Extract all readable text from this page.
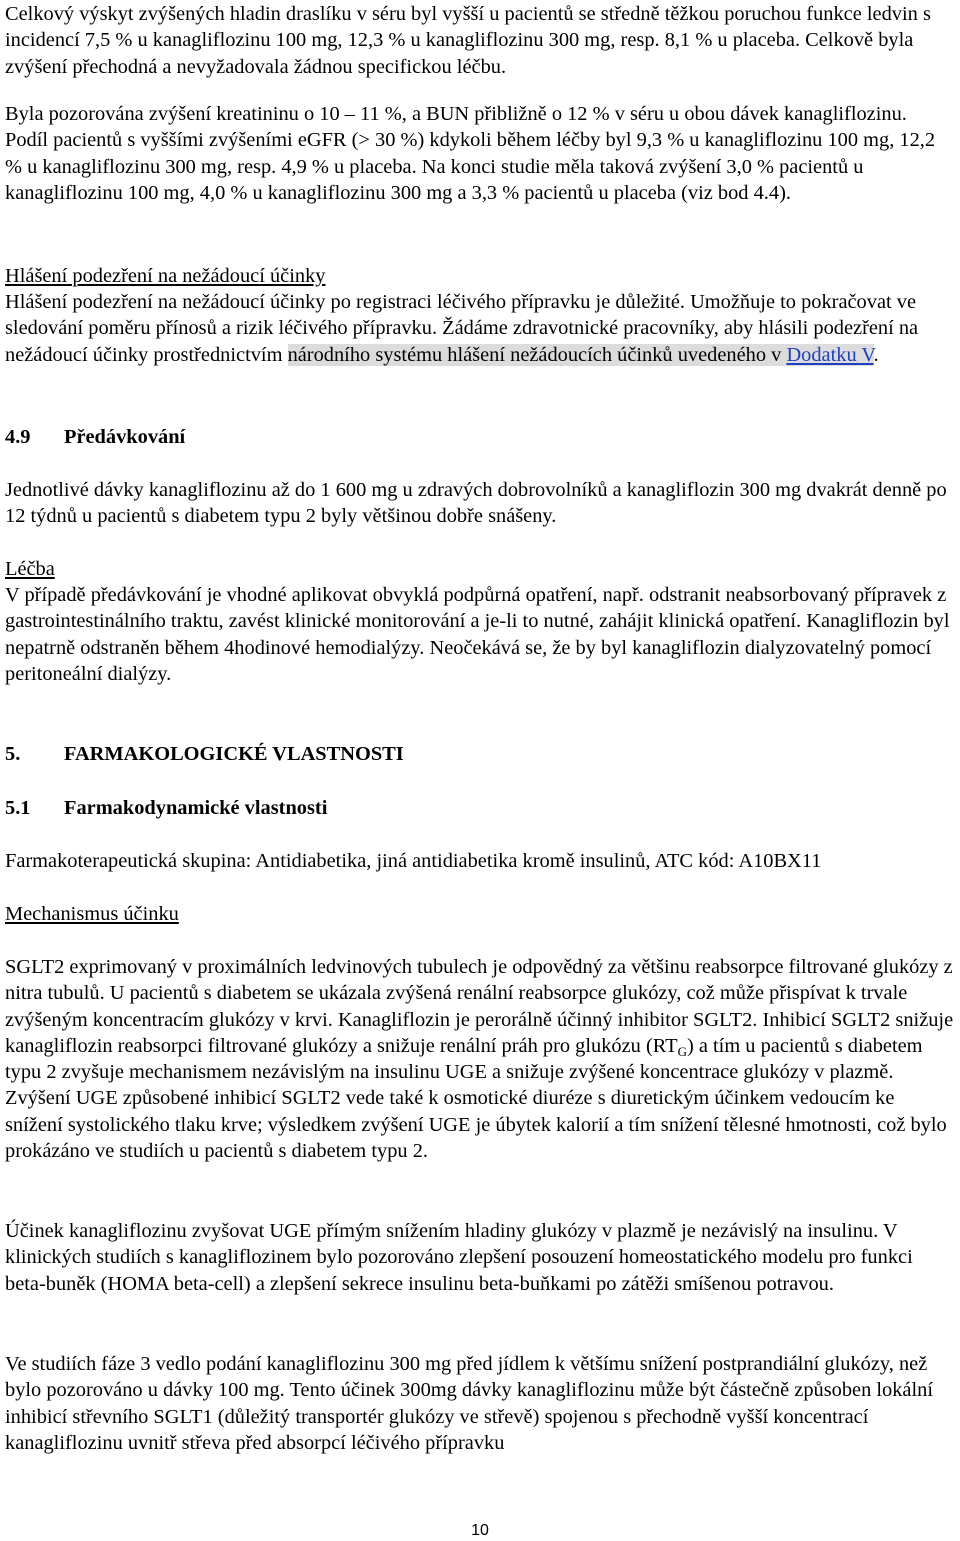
Celkový výskyt zvýšených hladin draslíku v séru byl vyšší u pacientů se středně těžkou poruchou funkce ledvin s incidencí 7,5 % u kanagliflozinu 100 mg, 12,3 % u kanagliflozinu 300 mg, resp. 8,1 % u placeba. Celkově byla zvýšení přechodná a nevyžadovala žádnou specifickou léčbu.

Byla pozorována zvýšení kreatininu o 10 – 11 %, a BUN přibližně o 12 % v séru u obou dávek kanagliflozinu. Podíl pacientů s vyššími zvýšeními eGFR (> 30 %) kdykoli během léčby byl 9,3 % u kanagliflozinu 100 mg, 12,2 % u kanagliflozinu 300 mg, resp. 4,9 % u placeba. Na konci studie měla taková zvýšení 3,0 % pacientů u kanagliflozinu 100 mg, 4,0 % u kanagliflozinu 300 mg a 3,3 % pacientů u placeba (viz bod 4.4).

Hlášení podezření na nežádoucí účinky

Hlášení podezření na nežádoucí účinky po registraci léčivého přípravku je důležité. Umožňuje to pokračovat ve sledování poměru přínosů a rizik léčivého přípravku. Žádáme zdravotnické pracovníky, aby hlásili podezření na nežádoucí účinky prostřednictvím národního systému hlášení nežádoucích účinků uvedeného v Dodatku V.

4.9 Předávkování

Jednotlivé dávky kanagliflozinu až do 1 600 mg u zdravých dobrovolníků a kanagliflozin 300 mg dvakrát denně po 12 týdnů u pacientů s diabetem typu 2 byly většinou dobře snášeny.

Léčba

V případě předávkování je vhodné aplikovat obvyklá podpůrná opatření, např. odstranit neabsorbovaný přípravek z gastrointestinálního traktu, zavést klinické monitorování a je-li to nutné, zahájit klinická opatření. Kanagliflozin byl nepatrně odstraněn během 4hodinové hemodialýzy. Neočekává se, že by byl kanagliflozin dialyzovatelný pomocí peritoneální dialýzy.

5. FARMAKOLOGICKÉ VLASTNOSTI

5.1 Farmakodynamické vlastnosti

Farmakoterapeutická skupina: Antidiabetika, jiná antidiabetika kromě insulinů, ATC kód: A10BX11

Mechanismus účinku

SGLT2 exprimovaný v proximálních ledvinových tubulech je odpovědný za většinu reabsorpce filtrované glukózy z nitra tubulů. U pacientů s diabetem se ukázala zvýšená renální reabsorpce glukózy, což může přispívat k trvale zvýšeným koncentracím glukózy v krvi. Kanagliflozin je perorálně účinný inhibitor SGLT2. Inhibicí SGLT2 snižuje kanagliflozin reabsorpci filtrované glukózy a snižuje renální práh pro glukózu $(RT_G)$ a tím u pacientů s diabetem typu 2 zvyšuje mechanismem nezávislým na insulinu UGE a snižuje zvýšené koncentrace glukózy v plazmě. Zvýšení UGE způsobené inhibicí SGLT2 vede také k osmotické diuréze s diuretickým účinkem vedoucím ke snížení systolického tlaku krve; výsledkem zvýšení UGE je úbytek kalorií a tím snížení tělesné hmotnosti, což bylo prokázáno ve studiích u pacientů s diabetem typu 2.

Účinek kanagliflozinu zvyšovat UGE přímým snížením hladiny glukózy v plazmě je nezávislý na insulinu. V klinických studiích s kanagliflozinem bylo pozorováno zlepšení posouzení homeostatického modelu pro funkci beta-buněk (HOMA beta-cell) a zlepšení sekrece insulinu beta-buňkami po zátěži smíšenou potravou.

Ve studiích fáze 3 vedlo podání kanagliflozinu 300 mg před jídlem k většímu snížení postprandiální glukózy, než bylo pozorováno u dávky 100 mg. Tento účinek 300mg dávky kanagliflozinu může být částečně způsoben lokální inhibicí střevního SGLT1 (důležitý transportér glukózy ve střevě) spojenou s přechodně vyšší koncentrací kanagliflozinu uvnitř střeva před absorpcí léčivého přípravku

10
